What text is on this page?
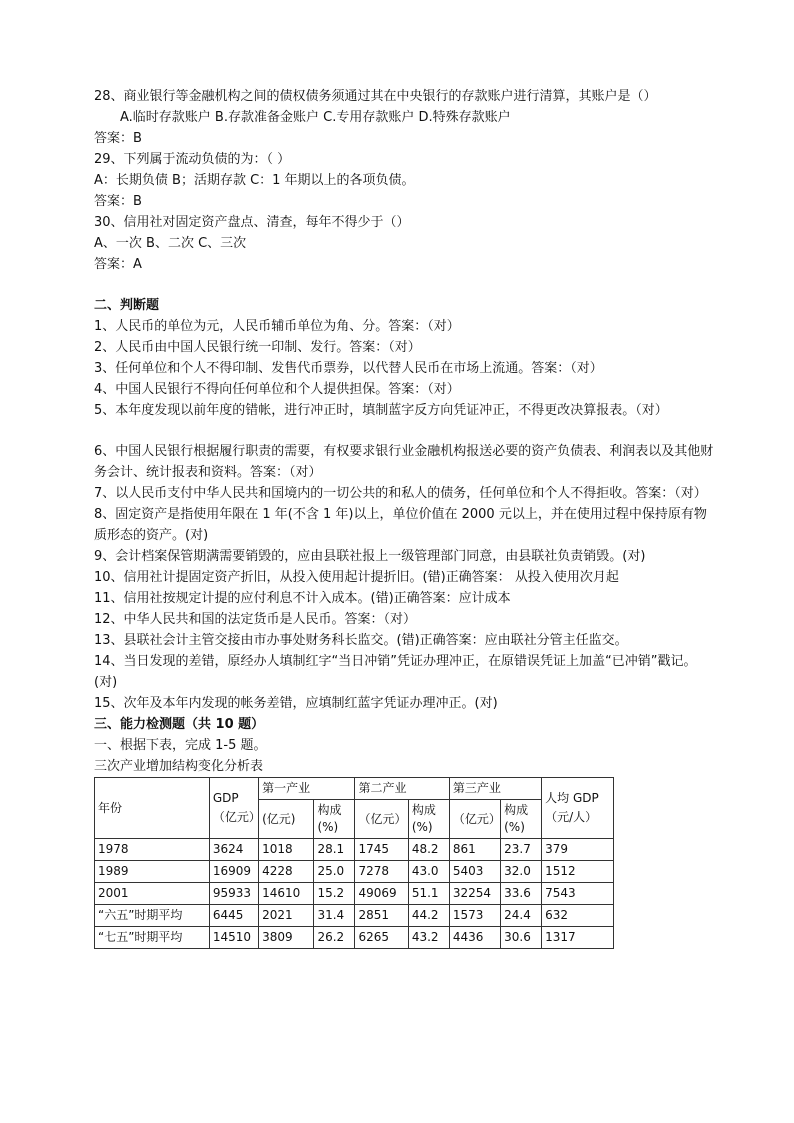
28、商业银行等金融机构之间的债权债务须通过其在中央银行的存款账户进行清算，其账户是（）
A.临时存款账户 B.存款准备金账户 C.专用存款账户 D.特殊存款账户
答案：B
29、下列属于流动负债的为：（ ）
A：长期负债 B；活期存款 C：1 年期以上的各项负债。
答案：B
30、信用社对固定资产盘点、清查，每年不得少于（）
A、一次 B、二次 C、三次
答案：A
二、判断题
1、人民币的单位为元，人民币辅币单位为角、分。答案：（对）
2、人民币由中国人民银行统一印制、发行。答案：（对）
3、任何单位和个人不得印制、发售代币票券，以代替人民币在市场上流通。答案：（对）
4、中国人民银行不得向任何单位和个人提供担保。答案：（对）
5、本年度发现以前年度的错帐，进行冲正时，填制蓝字反方向凭证冲正，不得更改决算报表。（对）
6、中国人民银行根据履行职责的需要，有权要求银行业金融机构报送必要的资产负债表、利润表以及其他财务会计、统计报表和资料。答案：（对）
7、以人民币支付中华人民共和国境内的一切公共的和私人的债务，任何单位和个人不得拒收。答案：（对）
8、固定资产是指使用年限在 1 年(不含 1 年)以上，单位价值在 2000 元以上，并在使用过程中保持原有物质形态的资产。(对)
9、会计档案保管期满需要销毁的，应由县联社报上一级管理部门同意，由县联社负责销毁。(对)
10、信用社计提固定资产折旧，从投入使用起计提折旧。(错)正确答案： 从投入使用次月起
11、信用社按规定计提的应付利息不计入成本。(错)正确答案：应计成本
12、中华人民共和国的法定货币是人民币。答案：（对）
13、县联社会计主管交接由市办事处财务科长监交。(错)正确答案：应由联社分管主任监交。
14、当日发现的差错，原经办人填制红字“当日冲销”凭证办理冲正，在原错误凭证上加盖“已冲销”戳记。(对)
15、次年及本年内发现的帐务差错，应填制红蓝字凭证办理冲正。(对)
三、能力检测题（共 10 题）
一、根据下表，完成 1-5 题。
三次产业增加结构变化分析表
年份	GDP（亿元）	第一产业		第二产业		第三产业		人均 GDP（元/人）
		(亿元)	构成(%)	（亿元）	构成(%)	（亿元）	构成(%)	
1978	3624	1018	28.1	1745	48.2	861	23.7	379
1989	16909	4228	25.0	7278	43.0	5403	32.0	1512
2001	95933	14610	15.2	49069	51.1	32254	33.6	7543
“六五”时期平均	6445	2021	31.4	2851	44.2	1573	24.4	632
“七五”时期平均	14510	3809	26.2	6265	43.2	4436	30.6	1317
